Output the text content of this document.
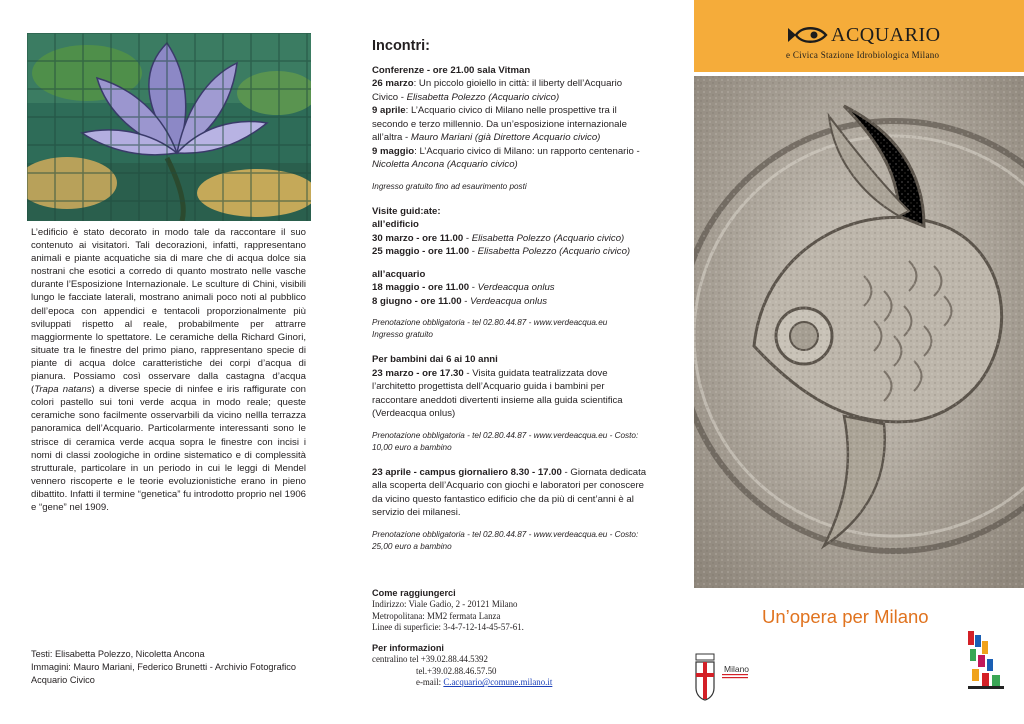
L’edificio è stato decorato in modo tale da raccontare il suo contenuto ai visitatori. Tali decorazioni, infatti, rappresentano animali e piante acquatiche sia di mare che di acqua dolce sia nostrani che esotici a corredo di quanto mostrato nelle vasche durante l’Esposizione Internazionale. Le sculture di Chini, visibili lungo le facciate laterali, mostrano animali poco noti al pubblico dell’epoca con appendici e tentacoli proporzionalmente più sviluppati rispetto al reale, probabilmente per attrarre maggiormente lo spettatore. Le ceramiche della Richard Ginori, situate tra le finestre del primo piano, rappresentano specie di piante di acqua dolce caratteristiche dei corpi d’acqua di pianura. Possiamo così osservare dalla castagna d’acqua (Trapa natans) a diverse specie di ninfee e iris raffigurate con colori pastello sui toni verde acqua in modo reale; queste ceramiche sono facilmente osservarbili da vicino nellla terrazza panoramica dell’Acquario. Particolarmente interessanti sono le strisce di ceramica verde acqua sopra le finestre con incisi i nomi di classi zoologiche in ordine sistematico e di complessità strutturale, particolare in un periodo in cui le leggi di Mendel vennero riscoperte e le teorie evoluzionistiche erano in pieno dibattito. Infatti il termine “genetica” fu introdotto proprio nel 1906 e “gene” nel 1909.
Testi: Elisabetta Polezzo, Nicoletta Ancona
Immagini: Mauro Mariani, Federico Brunetti - Archivio Fotografico Acquario Civico
Incontri:
Conferenze - ore 21.00 sala Vitman
26 marzo: Un piccolo gioiello in città: il liberty dell’Acquario Civico - Elisabetta Polezzo (Acquario civico)
9 aprile: L’Acquario civico di Milano nelle prospettive tra il secondo e terzo millennio. Da un’esposizione internazionale all’altra - Mauro Mariani (già Direttore Acquario civico)
9 maggio: L’Acquario civico di Milano: un rapporto centenario - Nicoletta Ancona (Acquario civico)
Ingresso gratuito fino ad esaurimento posti
Visite guid:ate:
all’edificio
30 marzo - ore 11.00 - Elisabetta Polezzo (Acquario civico)
25 maggio - ore 11.00 - Elisabetta Polezzo (Acquario civico)
all’acquario
18 maggio - ore 11.00 - Verdeacqua onlus
8 giugno - ore 11.00 - Verdeacqua onlus
Prenotazione obbligatoria - tel 02.80.44.87 - www.verdeacqua.eu
Ingresso gratuito
Per bambini dai 6 ai 10 anni
23 marzo - ore 17.30 - Visita guidata teatralizzata dove l’architetto progettista dell’Acquario guida i bambini per raccontare aneddoti divertenti insieme alla guida scientifica (Verdeacqua onlus)
Prenotazione obbligatoria - tel 02.80.44.87 - www.verdeacqua.eu - Costo: 10,00 euro a bambino
23 aprile - campus giornaliero 8.30 - 17.00 - Giornata dedicata alla scoperta dell’Acquario con giochi e laboratori per conoscere da vicino questo fantastico edificio che da più di cent’anni è al servizio dei milanesi.
Prenotazione obbligatoria - tel 02.80.44.87 - www.verdeacqua.eu - Costo: 25,00 euro a bambino
Come raggiungerci
Indirizzo: Viale Gadio, 2 - 20121 Milano
Metropolitana: MM2 fermata Lanza
Linee di superficie: 3-4-7-12-14-45-57-61.
Per informazioni
centralino tel +39.02.88.44.5392
tel.+39.02.88.46.57.50
e-mail: C.acquario@comune.milano.it
ACQUARIO
e Civica Stazione Idrobiologica Milano
Un’opera per Milano
Milano
